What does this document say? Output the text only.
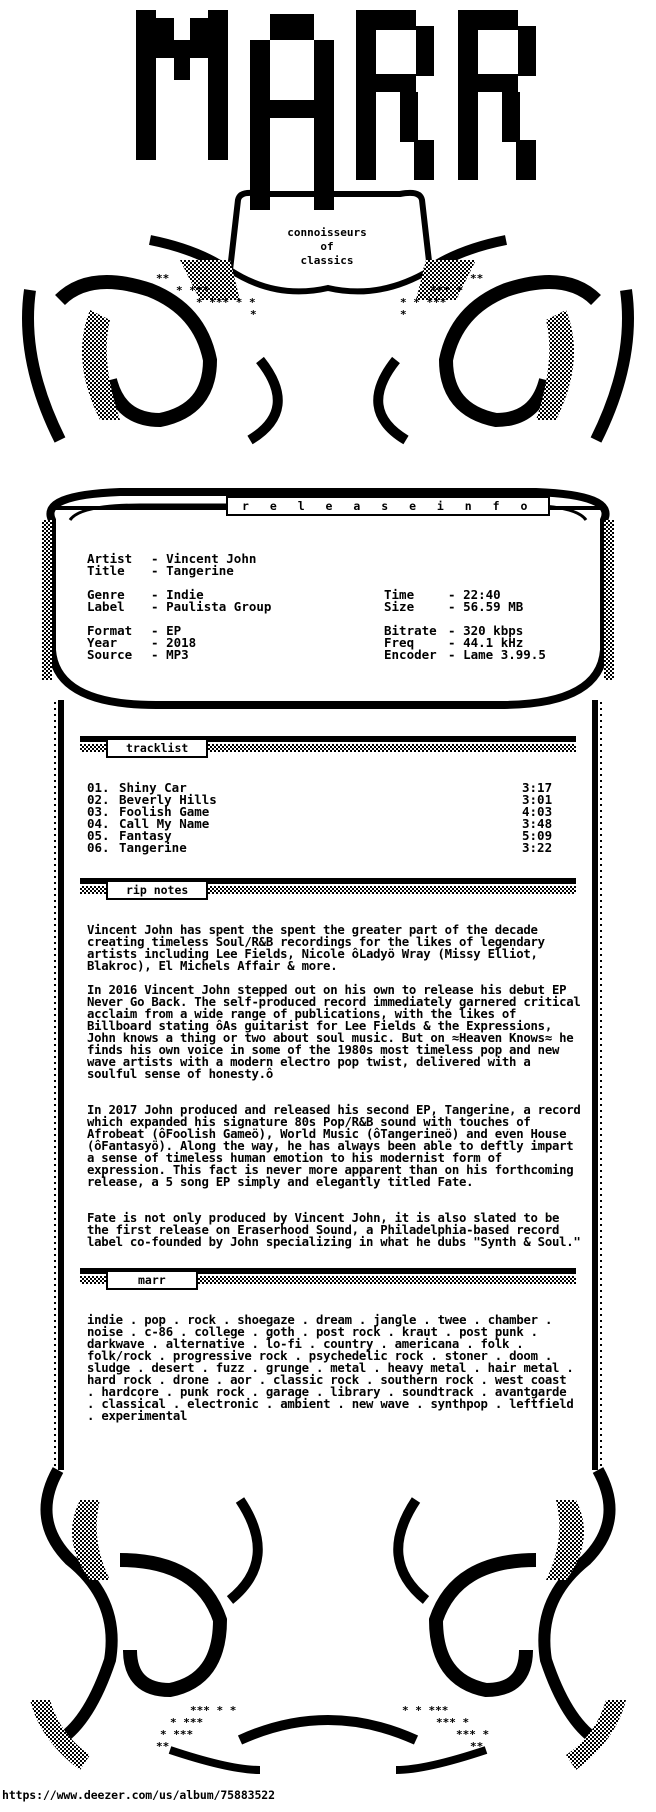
**
* ***
* *** * *
**
*** *
* * ***
*	*
*** * *
* ***
* ***
**
* * ***
*** *
*** *
**
connoisseurs
of
classics
r e l e a s e i n f o
tracklist
rip notes
marr
Artist - Vincent John
Title - Tangerine
Genre - Indie
Label - Paulista Group
Format - EP
Year	- 2018
Source - MP3
Time	- 22:40
Size	- 56.59 MB
Bitrate - 320 kbps
Freq	- 44.1 kHz
Encoder - Lame 3.99.5
01. Shiny Car	3:17
02. Beverly Hills	3:01
03. Foolish Game	4:03
04. Call My Name	3:48
05. Fantasy	5:09
06. Tangerine	3:22
Vincent John has spent the spent the greater part of the decade creating timeless Soul/R&B recordings for the likes of legendary artists including Lee Fields, Nicole ôLadyö Wray (Missy Elliot, Blakroc), El Michels Affair & more.
In 2016 Vincent John stepped out on his own to release his debut EP Never Go Back. The self-produced record immediately garnered critical acclaim from a wide range of publications, with the likes of Billboard stating ôAs guitarist for Lee Fields & the Expressions, John knows a thing or two about soul music. But on ≈Heaven Knows≈ he finds his own voice in some of the 1980s most timeless pop and new wave artists with a modern electro pop twist, delivered with a soulful sense of honesty.ô
In 2017 John produced and released his second EP, Tangerine, a record which expanded his signature 80s Pop/R&B sound with touches of Afrobeat (ôFoolish Gameö), World Music (ôTangerineö) and even House (ôFantasyö). Along the way, he has always been able to deftly impart a sense of timeless human emotion to his modernist form of expression. This fact is never more apparent than on his forthcoming release, a 5 song EP simply and elegantly titled Fate.
Fate is not only produced by Vincent John, it is also slated to be the first release on Eraserhood Sound, a Philadelphia-based record label co-founded by John specializing in what he dubs "Synth & Soul."
indie . pop . rock . shoegaze . dream . jangle . twee . chamber . noise . c-86 . college . goth . post rock . kraut . post punk . darkwave . alternative . lo-fi . country . americana . folk . folk/rock . progressive rock . psychedelic rock . stoner . doom . sludge . desert . fuzz . grunge . metal . heavy metal . hair metal . hard rock . drone . aor . classic rock . southern rock . west coast . hardcore . punk rock . garage . library . soundtrack . avantgarde . classical . electronic . ambient . new wave . synthpop . leftfield . experimental
https://www.deezer.com/us/album/75883522
